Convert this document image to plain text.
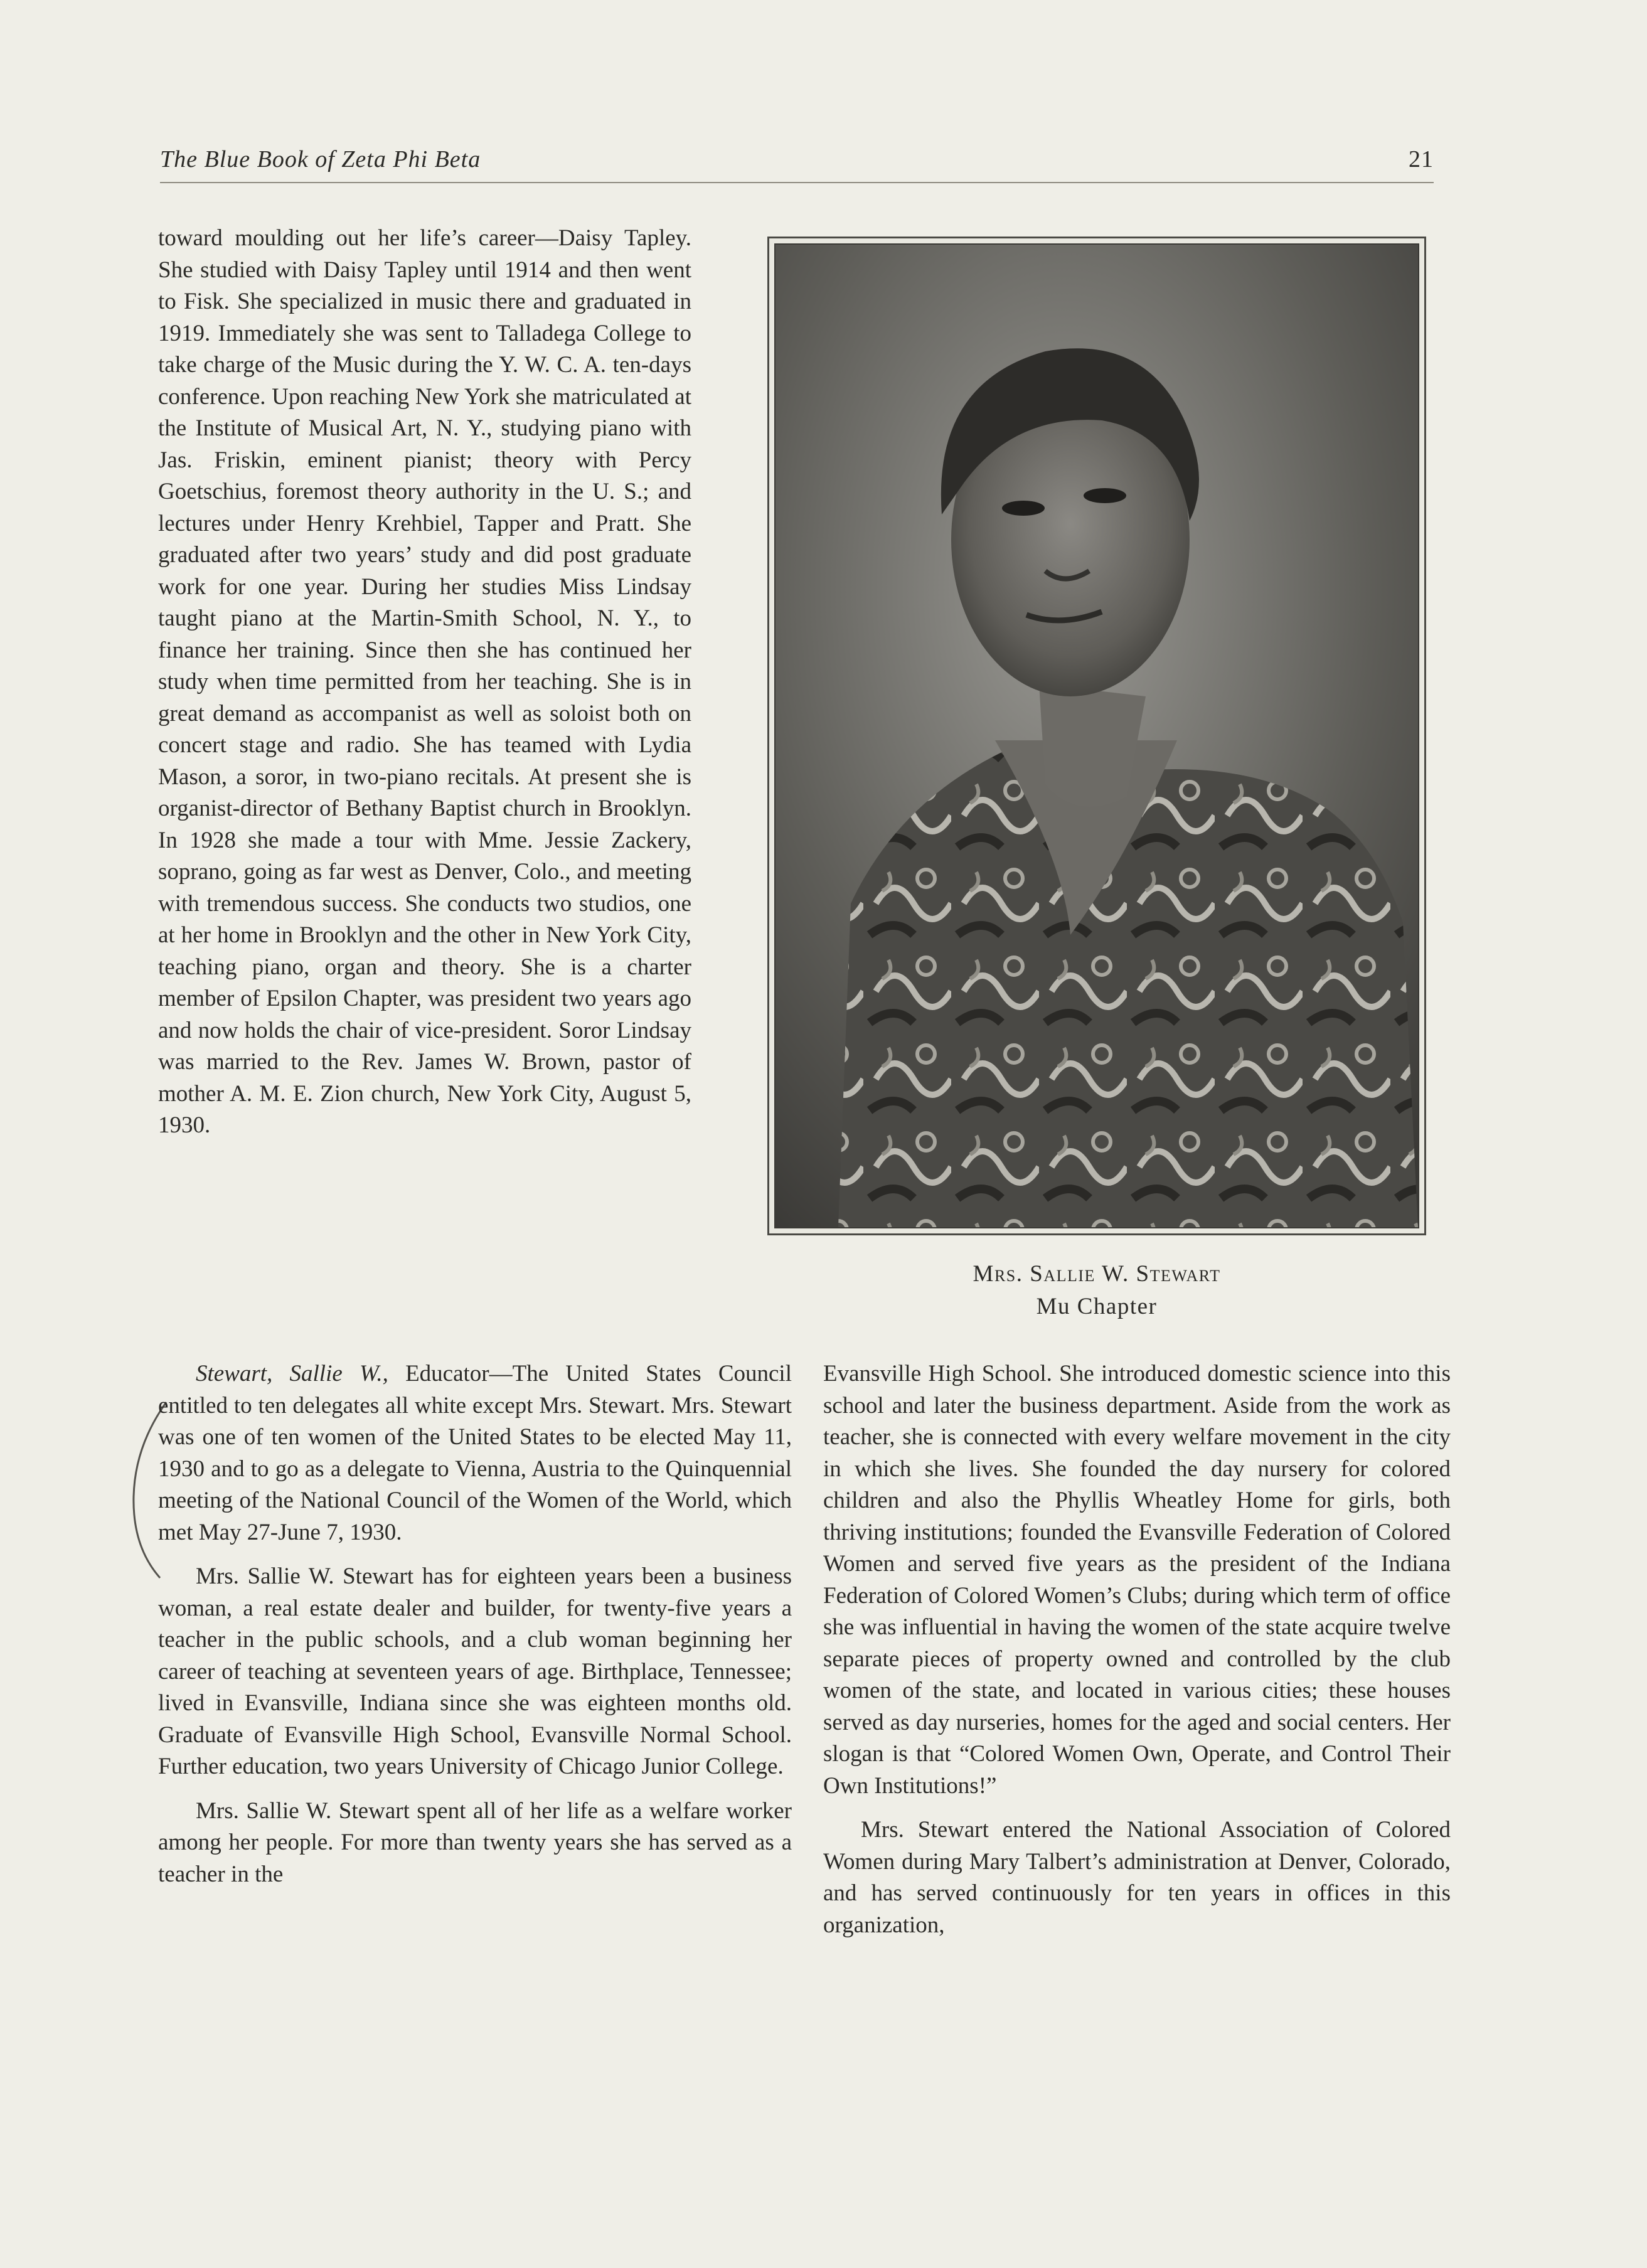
The Blue Book of Zeta Phi Beta	21

toward moulding out her life’s career—Daisy Tapley. She studied with Daisy Tapley until 1914 and then went to Fisk. She specialized in music there and graduated in 1919. Immediately she was sent to Talladega College to take charge of the Music during the Y. W. C. A. ten-days conference. Upon reaching New York she matriculated at the Institute of Musical Art, N. Y., studying piano with Jas. Friskin, eminent pianist; theory with Percy Goetschius, foremost theory authority in the U. S.; and lectures under Henry Krehbiel, Tapper and Pratt. She graduated after two years’ study and did post graduate work for one year. During her studies Miss Lindsay taught piano at the Martin-Smith School, N. Y., to finance her training. Since then she has continued her study when time permitted from her teaching. She is in great demand as accompanist as well as soloist both on concert stage and radio. She has teamed with Lydia Mason, a soror, in two-piano recitals. At present she is organist-director of Bethany Baptist church in Brooklyn. In 1928 she made a tour with Mme. Jessie Zackery, soprano, going as far west as Denver, Colo., and meeting with tremendous success. She conducts two studios, one at her home in Brooklyn and the other in New York City, teaching piano, organ and theory. She is a charter member of Epsilon Chapter, was president two years ago and now holds the chair of vice-president. Soror Lindsay was married to the Rev. James W. Brown, pastor of mother A. M. E. Zion church, New York City, August 5, 1930.

Mrs. Sallie W. Stewart
Mu Chapter

Stewart, Sallie W., Educator—The United States Council entitled to ten delegates all white except Mrs. Stewart. Mrs. Stewart was one of ten women of the United States to be elected May 11, 1930 and to go as a delegate to Vienna, Austria to the Quinquennial meeting of the National Council of the Women of the World, which met May 27-June 7, 1930.

Mrs. Sallie W. Stewart has for eighteen years been a business woman, a real estate dealer and builder, for twenty-five years a teacher in the public schools, and a club woman beginning her career of teaching at seventeen years of age. Birthplace, Tennessee; lived in Evansville, Indiana since she was eighteen months old. Graduate of Evansville High School, Evansville Normal School. Further education, two years University of Chicago Junior College.

Mrs. Sallie W. Stewart spent all of her life as a welfare worker among her people. For more than twenty years she has served as a teacher in the

Evansville High School. She introduced domestic science into this school and later the business department. Aside from the work as teacher, she is connected with every welfare movement in the city in which she lives. She founded the day nursery for colored children and also the Phyllis Wheatley Home for girls, both thriving institutions; founded the Evansville Federation of Colored Women and served five years as the president of the Indiana Federation of Colored Women’s Clubs; during which term of office she was influential in having the women of the state acquire twelve separate pieces of property owned and controlled by the club women of the state, and located in various cities; these houses served as day nurseries, homes for the aged and social centers. Her slogan is that “Colored Women Own, Operate, and Control Their Own Institutions!”

Mrs. Stewart entered the National Association of Colored Women during Mary Talbert’s administration at Denver, Colorado, and has served continuously for ten years in offices in this organization,
